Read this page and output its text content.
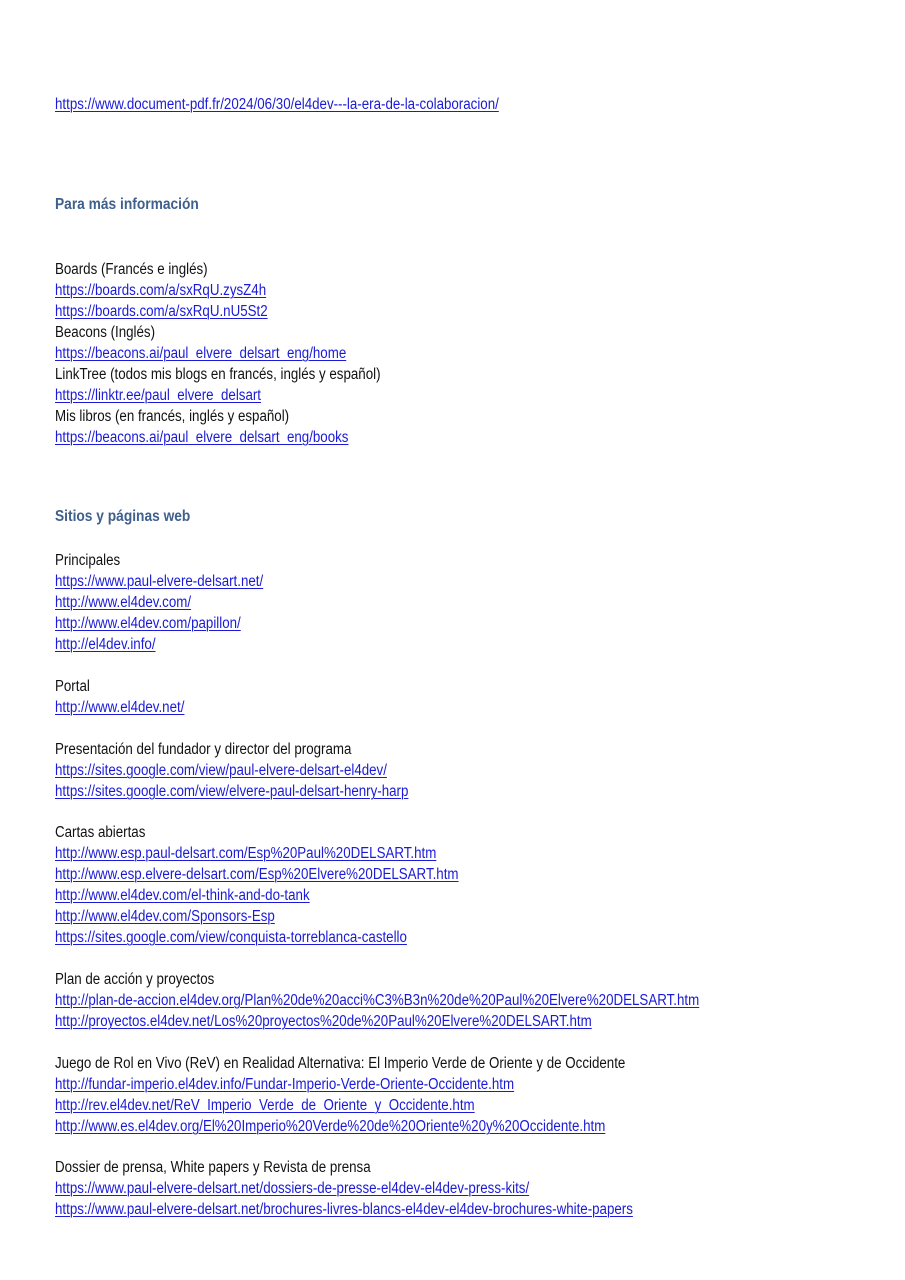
https://www.document-pdf.fr/2024/06/30/el4dev---la-era-de-la-colaboracion/
Para más información
Boards (Francés e inglés)
https://boards.com/a/sxRqU.zysZ4h
https://boards.com/a/sxRqU.nU5St2
Beacons (Inglés)
https://beacons.ai/paul_elvere_delsart_eng/home
LinkTree (todos mis blogs en francés, inglés y español)
https://linktr.ee/paul_elvere_delsart
Mis libros (en francés, inglés y español)
https://beacons.ai/paul_elvere_delsart_eng/books
Sitios y páginas web
Principales
https://www.paul-elvere-delsart.net/
http://www.el4dev.com/
http://www.el4dev.com/papillon/
http://el4dev.info/
Portal
http://www.el4dev.net/
Presentación del fundador y director del programa
https://sites.google.com/view/paul-elvere-delsart-el4dev/
https://sites.google.com/view/elvere-paul-delsart-henry-harp
Cartas abiertas
http://www.esp.paul-delsart.com/Esp%20Paul%20DELSART.htm
http://www.esp.elvere-delsart.com/Esp%20Elvere%20DELSART.htm
http://www.el4dev.com/el-think-and-do-tank
http://www.el4dev.com/Sponsors-Esp
https://sites.google.com/view/conquista-torreblanca-castello
Plan de acción y proyectos
http://plan-de-accion.el4dev.org/Plan%20de%20acci%C3%B3n%20de%20Paul%20Elvere%20DELSART.htm
http://proyectos.el4dev.net/Los%20proyectos%20de%20Paul%20Elvere%20DELSART.htm
Juego de Rol en Vivo (ReV) en Realidad Alternativa: El Imperio Verde de Oriente y de Occidente
http://fundar-imperio.el4dev.info/Fundar-Imperio-Verde-Oriente-Occidente.htm
http://rev.el4dev.net/ReV_Imperio_Verde_de_Oriente_y_Occidente.htm
http://www.es.el4dev.org/El%20Imperio%20Verde%20de%20Oriente%20y%20Occidente.htm
Dossier de prensa, White papers y Revista de prensa
https://www.paul-elvere-delsart.net/dossiers-de-presse-el4dev-el4dev-press-kits/
https://www.paul-elvere-delsart.net/brochures-livres-blancs-el4dev-el4dev-brochures-white-papers
